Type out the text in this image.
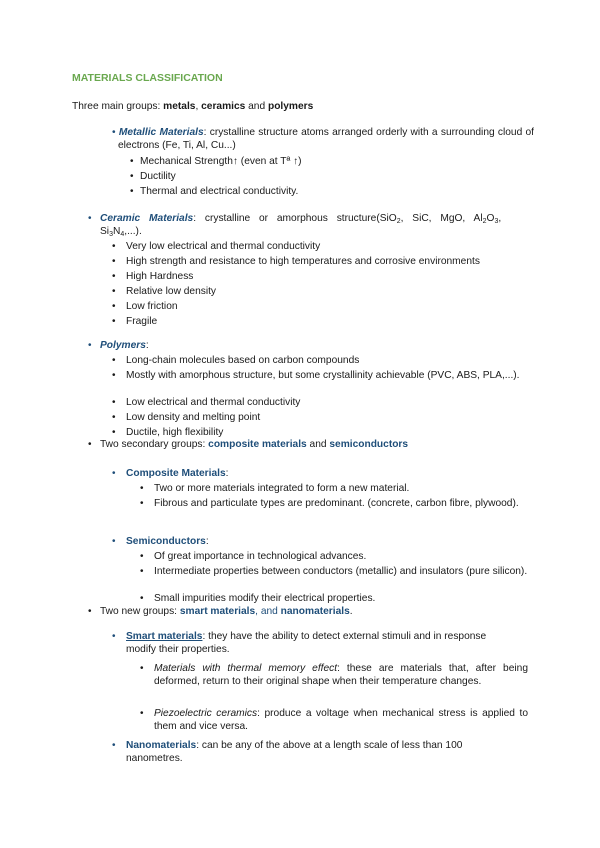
MATERIALS CLASSIFICATION
Three main groups: metals, ceramics and polymers
• Metallic Materials: crystalline structure atoms arranged orderly with a surrounding cloud of electrons (Fe, Ti, Al, Cu...)
• Mechanical Strength↑ (even at Tª ↑)
• Ductility
• Thermal and electrical conductivity.
• Ceramic Materials: crystalline or amorphous structure(SiO$_2$, SiC, MgO, $Al_2O_3$, $Si_3N_4$,...).
• Very low electrical and thermal conductivity
• High strength and resistance to high temperatures and corrosive environments
• High Hardness
• Relative low density
• Low friction
• Fragile
• Polymers:
• Long-chain molecules based on carbon compounds
• Mostly with amorphous structure, but some crystallinity achievable (PVC, ABS, PLA,...).
• Low electrical and thermal conductivity
• Low density and melting point
• Ductile, high flexibility
• Two secondary groups: composite materials and semiconductors
• Composite Materials:
• Two or more materials integrated to form a new material.
• Fibrous and particulate types are predominant. (concrete, carbon fibre, plywood).
• Semiconductors:
• Of great importance in technological advances.
• Intermediate properties between conductors (metallic) and insulators (pure silicon).
• Small impurities modify their electrical properties.
• Two new groups: smart materials, and nanomaterials.
• Smart materials: they have the ability to detect external stimuli and in response modify their properties.
• Materials with thermal memory effect: these are materials that, after being deformed, return to their original shape when their temperature changes.
• Piezoelectric ceramics: produce a voltage when mechanical stress is applied to them and vice versa.
• Nanomaterials: can be any of the above at a length scale of less than 100 nanometres.
